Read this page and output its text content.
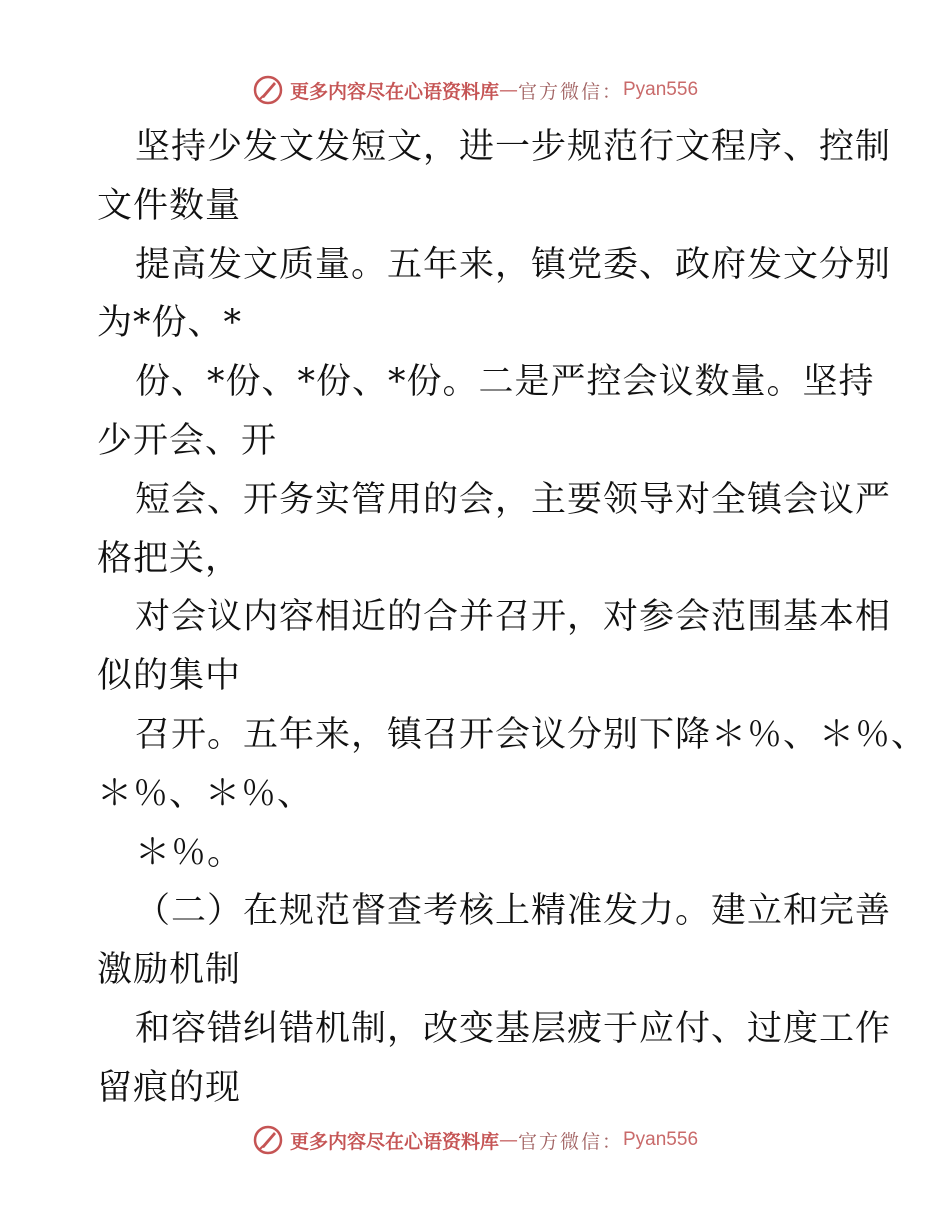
更多内容尽在心语资料库 — 官方微信： Pyan556
坚持少发文发短文，进一步规范行文程序、控制
文件数量
提高发文质量。五年来，镇党委、政府发文分别
为*份、*
份、*份、*份、*份。二是严控会议数量。坚持
少开会、开
短会、开务实管用的会，主要领导对全镇会议严
格把关，
对会议内容相近的合并召开，对参会范围基本相
似的集中
召开。五年来，镇召开会议分别下降＊％、＊％、
＊％、＊％、
＊％。
（二）在规范督查考核上精准发力。建立和完善
激励机制
和容错纠错机制，改变基层疲于应付、过度工作
留痕的现
更多内容尽在心语资料库 — 官方微信： Pyan556
